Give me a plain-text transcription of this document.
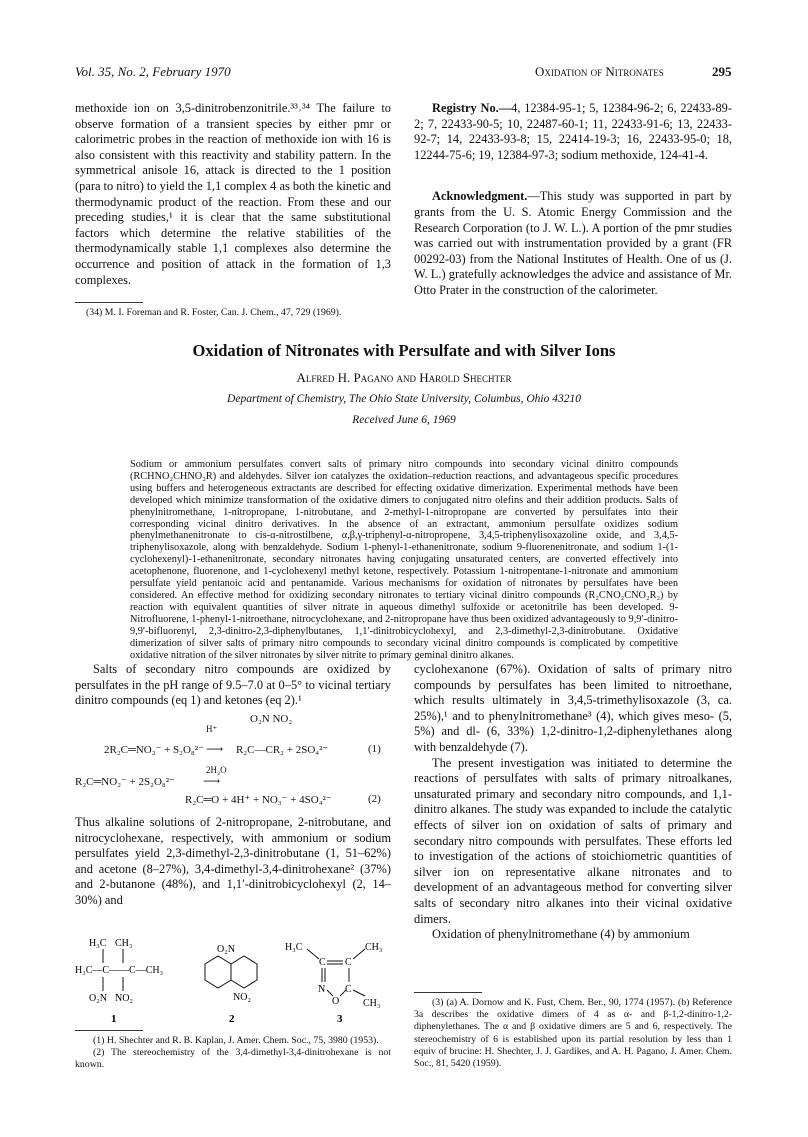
Vol. 35, No. 2, February 1970	Oxidation of Nitronates	295

methoxide ion on 3,5-dinitrobenzonitrile.³³˒³⁴ The failure to observe formation of a transient species by either pmr or calorimetric probes in the reaction of methoxide ion with 16 is also consistent with this reactivity and stability pattern. In the symmetrical anisole 16, attack is directed to the 1 position (para to nitro) to yield the 1,1 complex 4 as both the kinetic and thermodynamic product of the reaction. From these and our preceding studies,¹ it is clear that the same substitutional factors which determine the relative stabilities of the thermodynamically stable 1,1 complexes also determine the occurrence and position of attack in the formation of 1,3 complexes.

(34) M. I. Foreman and R. Foster, Can. J. Chem., 47, 729 (1969).

Registry No.—4, 12384-95-1; 5, 12384-96-2; 6, 22433-89-2; 7, 22433-90-5; 10, 22487-60-1; 11, 22433-91-6; 13, 22433-92-7; 14, 22433-93-8; 15, 22414-19-3; 16, 22433-95-0; 18, 12244-75-6; 19, 12384-97-3; sodium methoxide, 124-41-4.

Acknowledgment.—This study was supported in part by grants from the U. S. Atomic Energy Commission and the Research Corporation (to J. W. L.). A portion of the pmr studies was carried out with instrumentation provided by a grant (FR 00292-03) from the National Institutes of Health. One of us (J. W. L.) gratefully acknowledges the advice and assistance of Mr. Otto Prater in the construction of the calorimeter.

Oxidation of Nitronates with Persulfate and with Silver Ions
Alfred H. Pagano and Harold Shechter
Department of Chemistry, The Ohio State University, Columbus, Ohio 43210
Received June 6, 1969
Sodium or ammonium persulfates convert salts of primary nitro compounds into secondary vicinal dinitro compounds (RCHNO₂CHNO₂R) and aldehydes. Silver ion catalyzes the oxidation–reduction reactions, and advantageous specific procedures using buffers and heterogeneous extractants are described for effecting oxidative dimerization. Experimental methods have been developed which minimize transformation of the oxidative dimers to conjugated nitro olefins and their addition products. Salts of phenylnitromethane, 1-nitropropane, 1-nitrobutane, and 2-methyl-1-nitropropane are converted by persulfates into their corresponding vicinal dinitro derivatives. In the absence of an extractant, ammonium persulfate oxidizes sodium phenylmethanenitronate to cis-α-nitrostilbene, α,β,γ-triphenyl-α-nitropropene, 3,4,5-triphenylisoxazoline oxide, and 3,4,5-triphenylisoxazole, along with benzaldehyde. Sodium 1-phenyl-1-ethanenitronate, sodium 9-fluorenenitronate, and sodium 1-(1-cyclohexenyl)-1-ethanenitronate, secondary nitronates having conjugating unsaturated centers, are converted effectively into acetophenone, fluorenone, and 1-cyclohexenyl methyl ketone, respectively. Potassium 1-nitropentane-1-nitronate and ammonium persulfate yield pentanoic acid and pentanamide. Various mechanisms for oxidation of nitronates by persulfates have been considered. An effective method for oxidizing secondary nitronates to tertiary vicinal dinitro compounds (R₂CNO₂CNO₂R₂) by reaction with equivalent quantities of silver nitrate in aqueous dimethyl sulfoxide or acetonitrile has been developed. 9-Nitrofluorene, 1-phenyl-1-nitroethane, nitrocyclohexane, and 2-nitropropane have thus been oxidized advantageously to 9,9′-dinitro-9,9′-bifluorenyl, 2,3-dinitro-2,3-diphenylbutanes, 1,1′-dinitrobicyclohexyl, and 2,3-dimethyl-2,3-dinitrobutane. Oxidative dimerization of silver salts of primary nitro compounds to secondary vicinal dinitro compounds is complicated by competitive oxidative nitration of the silver nitronates by silver nitrite to primary geminal dinitro alkanes.

Salts of secondary nitro compounds are oxidized by persulfates in the pH range of 9.5–7.0 at 0–5° to vicinal tertiary dinitro compounds (eq 1) and ketones (eq 2).¹

O₂N NO₂
H⁺
2R₂C═NO₂⁻ + S₂O₈²⁻ ⟶ R₂C—CR₂ + 2SO₄²⁻	(1)
2H₂O
R₂C═NO₂⁻ + 2S₂O₈²⁻ ⟶
R₂C═O + 4H⁺ + NO₃⁻ + 4SO₄²⁻	(2)

Thus alkaline solutions of 2-nitropropane, 2-nitrobutane, and nitrocyclohexane, respectively, with ammonium or sodium persulfates yield 2,3-dimethyl-2,3-dinitrobutane (1, 51–62%) and acetone (8–27%), 3,4-dimethyl-3,4-dinitrohexane² (37%) and 2-butanone (48%), and 1,1′-dinitrobicyclohexyl (2, 14–30%) and

H₃C CH₃
H₃C—C——C—CH₃
O₂N NO₂
O₂N
NO₂
H₃C
C C
CH₃
N
O
C
CH₃
1	2	3

(1) H. Shechter and R. B. Kaplan, J. Amer. Chem. Soc., 75, 3980 (1953).

(2) The stereochemistry of the 3,4-dimethyl-3,4-dinitrohexane is not known.

cyclohexanone (67%). Oxidation of salts of primary nitro compounds by persulfates has been limited to nitroethane, which results ultimately in 3,4,5-trimethylisoxazole (3, ca. 25%),¹ and to phenylnitromethane³ (4), which gives meso- (5, 5%) and dl- (6, 33%) 1,2-dinitro-1,2-diphenylethanes along with benzaldehyde (7).

The present investigation was initiated to determine the reactions of persulfates with salts of primary nitroalkanes, unsaturated primary and secondary nitro compounds, and 1,1-dinitro alkanes. The study was expanded to include the catalytic effects of silver ion on oxidation of salts of primary and secondary nitro compounds with persulfates. These efforts led to investigation of the actions of stoichiometric quantities of silver ion on representative alkane nitronates and to development of an advantageous method for converting silver salts of secondary nitro alkanes into their vicinal oxidative dimers.

Oxidation of phenylnitromethane (4) by ammonium

(3) (a) A. Dornow and K. Fust, Chem. Ber., 90, 1774 (1957). (b) Reference 3a describes the oxidative dimers of 4 as α- and β-1,2-dinitro-1,2-diphenylethanes. The α and β oxidative dimers are 5 and 6, respectively. The stereochemistry of 6 is established upon its partial resolution by less than 1 equiv of brucine: H. Shechter, J. J. Gardikes, and A. H. Pagano, J. Amer. Chem. Soc., 81, 5420 (1959).
